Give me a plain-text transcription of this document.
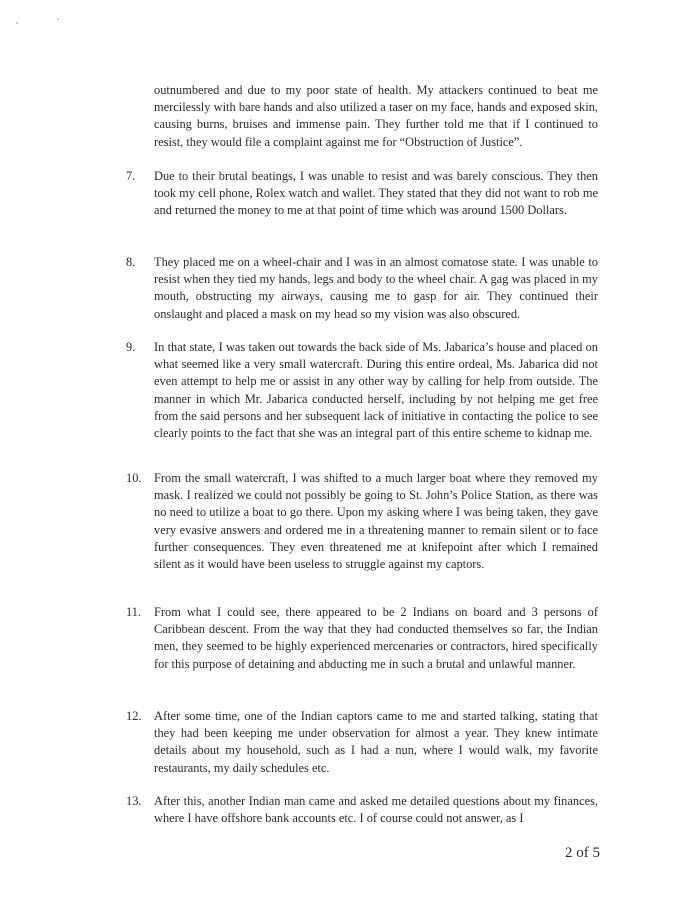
outnumbered and due to my poor state of health. My attackers continued to beat me mercilessly with bare hands and also utilized a taser on my face, hands and exposed skin, causing burns, bruises and immense pain. They further told me that if I continued to resist, they would file a complaint against me for “Obstruction of Justice”.

7. Due to their brutal beatings, I was unable to resist and was barely conscious. They then took my cell phone, Rolex watch and wallet. They stated that they did not want to rob me and returned the money to me at that point of time which was around 1500 Dollars.

8. They placed me on a wheel-chair and I was in an almost comatose state. I was unable to resist when they tied my hands, legs and body to the wheel chair. A gag was placed in my mouth, obstructing my airways, causing me to gasp for air. They continued their onslaught and placed a mask on my head so my vision was also obscured.

9. In that state, I was taken out towards the back side of Ms. Jabarica’s house and placed on what seemed like a very small watercraft. During this entire ordeal, Ms. Jabarica did not even attempt to help me or assist in any other way by calling for help from outside. The manner in which Mr. Jabarica conducted herself, including by not helping me get free from the said persons and her subsequent lack of initiative in contacting the police to see clearly points to the fact that she was an integral part of this entire scheme to kidnap me.

10. From the small watercraft, I was shifted to a much larger boat where they removed my mask. I realized we could not possibly be going to St. John’s Police Station, as there was no need to utilize a boat to go there. Upon my asking where I was being taken, they gave very evasive answers and ordered me in a threatening manner to remain silent or to face further consequences. They even threatened me at knifepoint after which I remained silent as it would have been useless to struggle against my captors.

11. From what I could see, there appeared to be 2 Indians on board and 3 persons of Caribbean descent. From the way that they had conducted themselves so far, the Indian men, they seemed to be highly experienced mercenaries or contractors, hired specifically for this purpose of detaining and abducting me in such a brutal and unlawful manner.

12. After some time, one of the Indian captors came to me and started talking, stating that they had been keeping me under observation for almost a year. They knew intimate details about my household, such as I had a nun, where I would walk, my favorite restaurants, my daily schedules etc.

13. After this, another Indian man came and asked me detailed questions about my finances, where I have offshore bank accounts etc. I of course could not answer, as I

2 of 5
